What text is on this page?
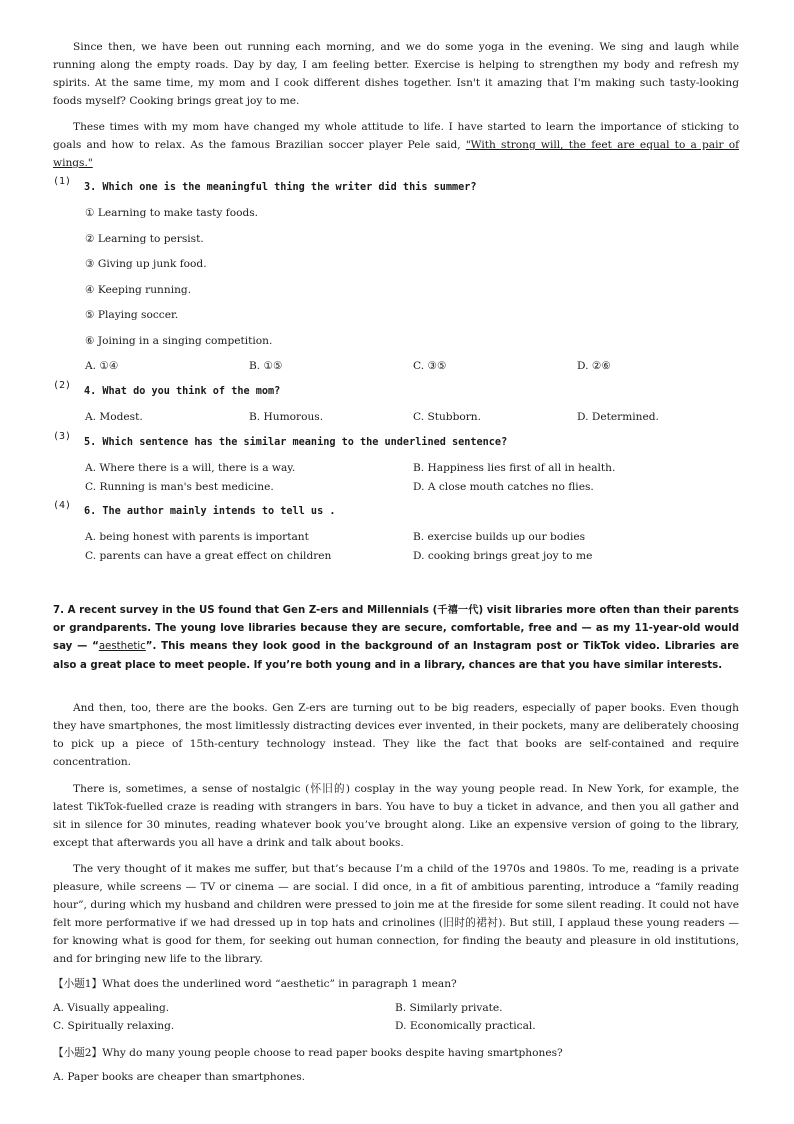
Since then, we have been out running each morning, and we do some yoga in the evening. We sing and laugh while running along the empty roads. Day by day, I am feeling better. Exercise is helping to strengthen my body and refresh my spirits. At the same time, my mom and I cook different dishes together. Isn't it amazing that I'm making such tasty-looking foods myself? Cooking brings great joy to me.
These times with my mom have changed my whole attitude to life. I have started to learn the importance of sticking to goals and how to relax. As the famous Brazilian soccer player Pele said, "With strong will, the feet are equal to a pair of wings."
(1)
3. Which one is the meaningful thing the writer did this summer?
① Learning to make tasty foods.
② Learning to persist.
③ Giving up junk food.
④ Keeping running.
⑤ Playing soccer.
⑥ Joining in a singing competition.
A. ①④	B. ①⑤	C. ③⑤	D. ②⑥
(2)
4. What do you think of the mom?
A. Modest.	B. Humorous.	C. Stubborn.	D. Determined.
(3)
5. Which sentence has the similar meaning to the underlined sentence?
A. Where there is a will, there is a way.	B. Happiness lies first of all in health.
C. Running is man's best medicine.	D. A close mouth catches no flies.
(4)
6. The author mainly intends to tell us .
A. being honest with parents is important	B. exercise builds up our bodies
C. parents can have a great effect on children	D. cooking brings great joy to me
7. A recent survey in the US found that Gen Z-ers and Millennials (千禧一代) visit libraries more often than their parents or grandparents. The young love libraries because they are secure, comfortable, free and — as my 11-year-old would say — “aesthetic”. This means they look good in the background of an Instagram post or TikTok video. Libraries are also a great place to meet people. If you’re both young and in a library, chances are that you have similar interests.
And then, too, there are the books. Gen Z-ers are turning out to be big readers, especially of paper books. Even though they have smartphones, the most limitlessly distracting devices ever invented, in their pockets, many are deliberately choosing to pick up a piece of 15th-century technology instead. They like the fact that books are self-contained and require concentration.
There is, sometimes, a sense of nostalgic (怀旧的) cosplay in the way young people read. In New York, for example, the latest TikTok-fuelled craze is reading with strangers in bars. You have to buy a ticket in advance, and then you all gather and sit in silence for 30 minutes, reading whatever book you’ve brought along. Like an expensive version of going to the library, except that afterwards you all have a drink and talk about books.
The very thought of it makes me suffer, but that’s because I’m a child of the 1970s and 1980s. To me, reading is a private pleasure, while screens — TV or cinema — are social. I did once, in a fit of ambitious parenting, introduce a “family reading hour”, during which my husband and children were pressed to join me at the fireside for some silent reading. It could not have felt more performative if we had dressed up in top hats and crinolines (旧时的裙衬). But still, I applaud these young readers — for knowing what is good for them, for seeking out human connection, for finding the beauty and pleasure in old institutions, and for bringing new life to the library.
【小题1】What does the underlined word “aesthetic” in paragraph 1 mean?
A. Visually appealing.	B. Similarly private.
C. Spiritually relaxing.	D. Economically practical.
【小题2】Why do many young people choose to read paper books despite having smartphones?
A. Paper books are cheaper than smartphones.
